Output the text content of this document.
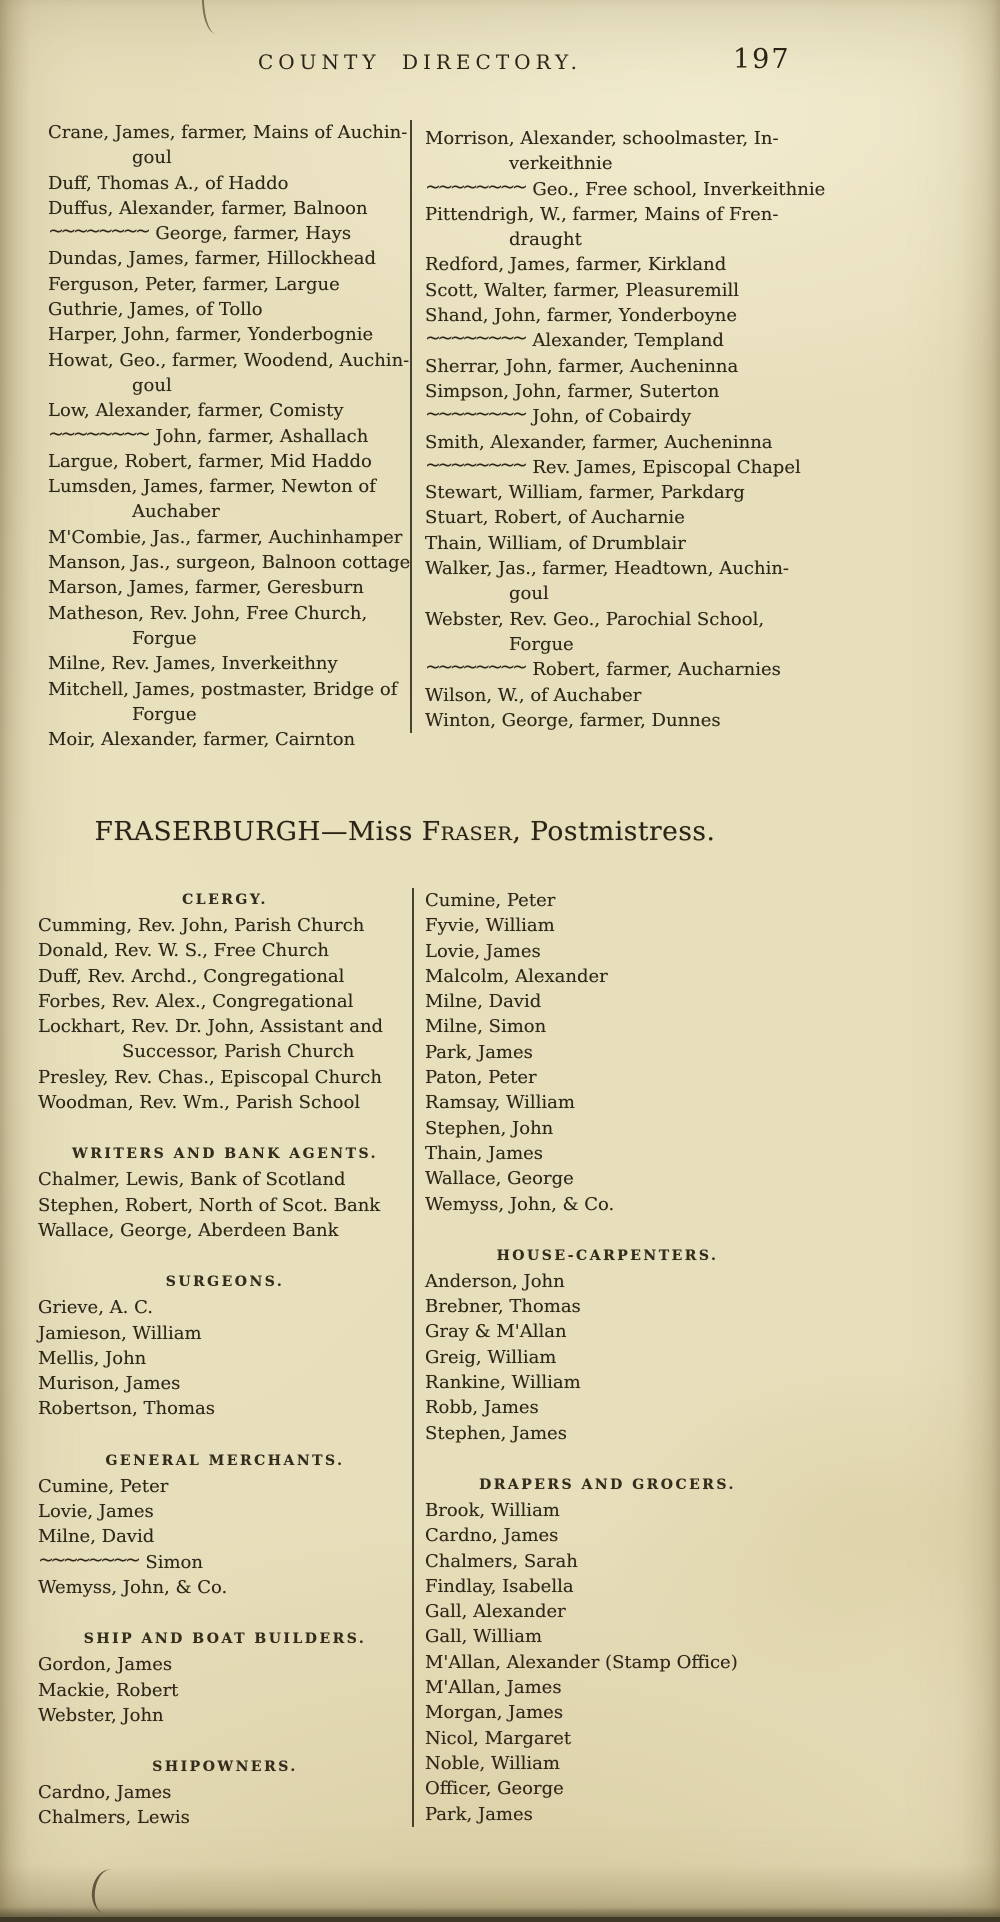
COUNTY DIRECTORY.	197
Crane, James, farmer, Mains of Auchin-
goul
Duff, Thomas A., of Haddo
Duffus, Alexander, farmer, Balnoon
~~~~~~~~ George, farmer, Hays
Dundas, James, farmer, Hillockhead
Ferguson, Peter, farmer, Largue
Guthrie, James, of Tollo
Harper, John, farmer, Yonderbognie
Howat, Geo., farmer, Woodend, Auchin-
goul
Low, Alexander, farmer, Comisty
~~~~~~~~ John, farmer, Ashallach
Largue, Robert, farmer, Mid Haddo
Lumsden, James, farmer, Newton of
Auchaber
M'Combie, Jas., farmer, Auchinhamper
Manson, Jas., surgeon, Balnoon cottage
Marson, James, farmer, Geresburn
Matheson, Rev. John, Free Church,
Forgue
Milne, Rev. James, Inverkeithny
Mitchell, James, postmaster, Bridge of
Forgue
Moir, Alexander, farmer, Cairnton
Morrison, Alexander, schoolmaster, In-
verkeithnie
~~~~~~~~ Geo., Free school, Inverkeithnie
Pittendrigh, W., farmer, Mains of Fren-
draught
Redford, James, farmer, Kirkland
Scott, Walter, farmer, Pleasuremill
Shand, John, farmer, Yonderboyne
~~~~~~~~ Alexander, Templand
Sherrar, John, farmer, Aucheninna
Simpson, John, farmer, Suterton
~~~~~~~~ John, of Cobairdy
Smith, Alexander, farmer, Aucheninna
~~~~~~~~ Rev. James, Episcopal Chapel
Stewart, William, farmer, Parkdarg
Stuart, Robert, of Aucharnie
Thain, William, of Drumblair
Walker, Jas., farmer, Headtown, Auchin-
goul
Webster, Rev. Geo., Parochial School,
Forgue
~~~~~~~~ Robert, farmer, Aucharnies
Wilson, W., of Auchaber
Winton, George, farmer, Dunnes
FRASERBURGH—Miss Fraser, Postmistress.
CLERGY.
Cumming, Rev. John, Parish Church
Donald, Rev. W. S., Free Church
Duff, Rev. Archd., Congregational
Forbes, Rev. Alex., Congregational
Lockhart, Rev. Dr. John, Assistant and
Successor, Parish Church
Presley, Rev. Chas., Episcopal Church
Woodman, Rev. Wm., Parish School
WRITERS AND BANK AGENTS.
Chalmer, Lewis, Bank of Scotland
Stephen, Robert, North of Scot. Bank
Wallace, George, Aberdeen Bank
SURGEONS.
Grieve, A. C.
Jamieson, William
Mellis, John
Murison, James
Robertson, Thomas
GENERAL MERCHANTS.
Cumine, Peter
Lovie, James
Milne, David
~~~~~~~~ Simon
Wemyss, John, & Co.
SHIP AND BOAT BUILDERS.
Gordon, James
Mackie, Robert
Webster, John
SHIPOWNERS.
Cardno, James
Chalmers, Lewis
Cumine, Peter
Fyvie, William
Lovie, James
Malcolm, Alexander
Milne, David
Milne, Simon
Park, James
Paton, Peter
Ramsay, William
Stephen, John
Thain, James
Wallace, George
Wemyss, John, & Co.
HOUSE-CARPENTERS.
Anderson, John
Brebner, Thomas
Gray & M'Allan
Greig, William
Rankine, William
Robb, James
Stephen, James
DRAPERS AND GROCERS.
Brook, William
Cardno, James
Chalmers, Sarah
Findlay, Isabella
Gall, Alexander
Gall, William
M'Allan, Alexander (Stamp Office)
M'Allan, James
Morgan, James
Nicol, Margaret
Noble, William
Officer, George
Park, James
